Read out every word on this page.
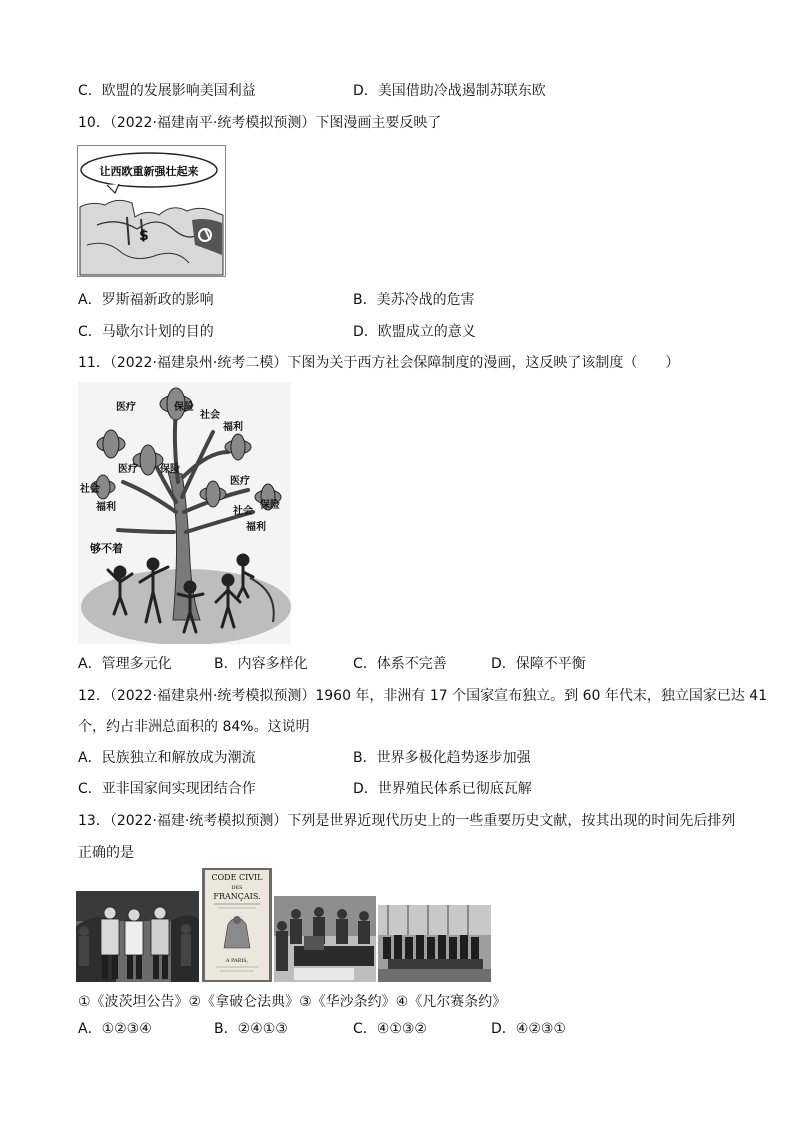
C．欧盟的发展影响美国利益	D．美国借助冷战遏制苏联东欧
10．（2022·福建南平·统考模拟预测）下图漫画主要反映了
让西欧重新强壮起来
$
A．罗斯福新政的影响	B．美苏冷战的危害
C．马歇尔计划的目的	D．欧盟成立的意义
11．（2022·福建泉州·统考二模）下图为关于西方社会保障制度的漫画，这反映了该制度（　　）
医疗	保险
社会
福利
医疗 保险
社会
福利
医疗
保险
社会
福利
够不着
A．管理多元化	B．内容多样化	C．体系不完善	D．保障不平衡
12．（2022·福建泉州·统考模拟预测）1960 年，非洲有 17 个国家宣布独立。到 60 年代末，独立国家已达 41
个，约占非洲总面积的 84%。这说明
A．民族独立和解放成为潮流	B．世界多极化趋势逐步加强
C．亚非国家间实现团结合作	D．世界殖民体系已彻底瓦解
13．（2022·福建·统考模拟预测）下列是世界近现代历史上的一些重要历史文献，按其出现的时间先后排列
正确的是
CODE CIVIL
DES
FRANÇAIS.
A PARIS,
①《波茨坦公告》②《拿破仑法典》③《华沙条约》④《凡尔赛条约》
A．①②③④	B．②④①③	C．④①③②	D．④②③①
